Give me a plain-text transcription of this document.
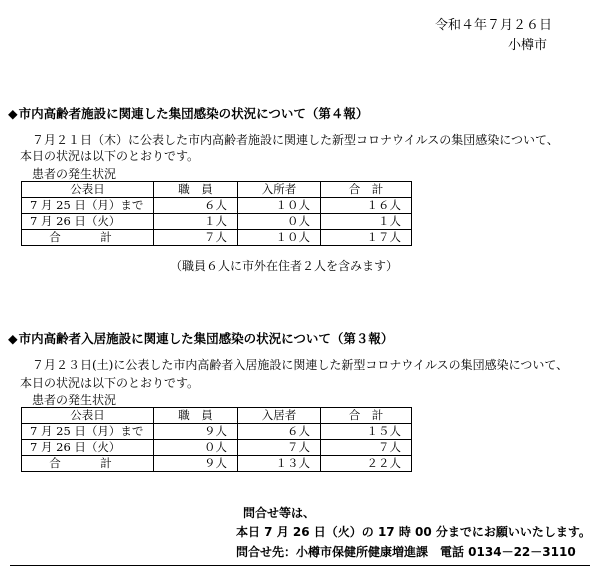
令和４年７月２６日
小樽市
◆市内高齢者施設に関連した集団感染の状況について（第４報）
７月２１日（木）に公表した市内高齢者施設に関連した新型コロナウイルスの集団感染について、
本日の状況は以下のとおりです。
患者の発生状況
公表日	職　員	入所者	合　計
7 月 25 日（月）まで	６人	１０人	１６人
7 月 26 日（火）	１人	０人	１人
合　計	７人	１０人	１７人
（職員６人に市外在住者２人を含みます）
◆市内高齢者入居施設に関連した集団感染の状況について（第３報）
７月２３日(土)に公表した市内高齢者入居施設に関連した新型コロナウイルスの集団感染について、
本日の状況は以下のとおりです。
患者の発生状況
公表日	職　員	入居者	合　計
7 月 25 日（月）まで	９人	６人	１５人
7 月 26 日（火）	０人	７人	７人
合　計	９人	１３人	２２人
問合せ等は、
本日 7 月 26 日（火）の 17 時 00 分までにお願いいたします。
問合せ先：小樽市保健所健康増進課　電話 0134－22－3110
